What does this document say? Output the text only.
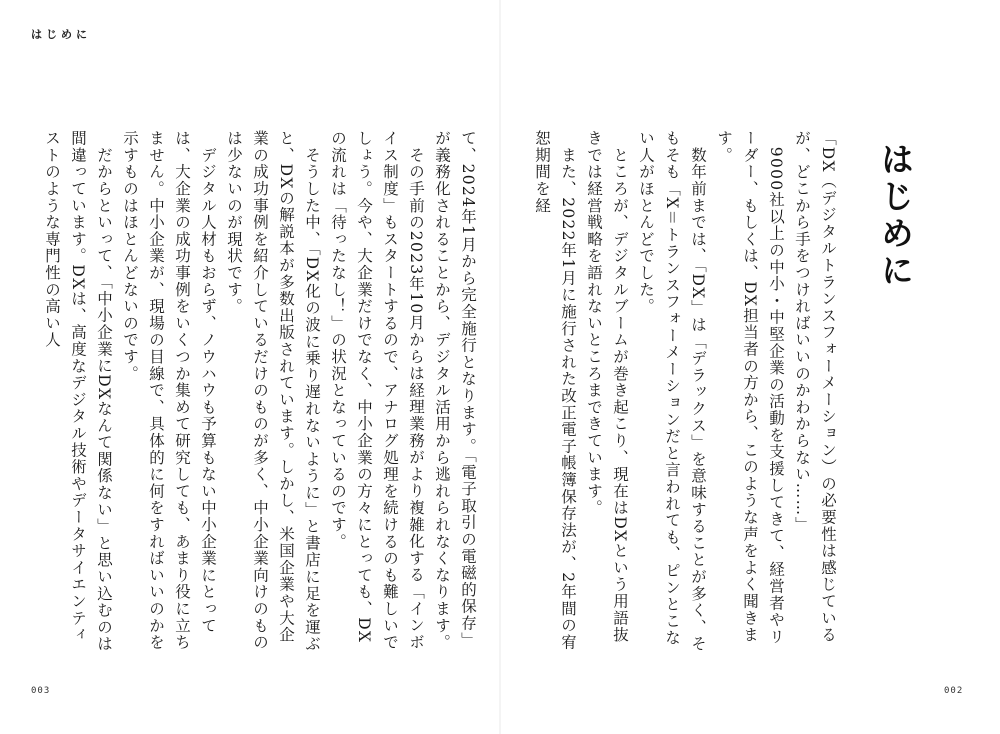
はじめに
はじめに

「DX（デジタルトランスフォーメーション）の必要性は感じているが、どこから手をつければいいのかわからない……」

　9000社以上の中小・中堅企業の活動を支援してきて、経営者やリーダー、もしくは、DX担当者の方から、このような声をよく聞きます。

　数年前までは、「DX」は「デラックス」を意味することが多く、そもそも「X＝トランスフォーメーションだと言われても、ピンとこない人がほとんどでした。

　ところが、デジタルブームが巻き起こり、現在はDXという用語抜きでは経営戦略を語れないところまできています。

　また、2022年1月に施行された改正電子帳簿保存法が、2年間の宥恕期間を経

て、2024年1月から完全施行となります。「電子取引の電磁的保存」が義務化されることから、デジタル活用から逃れられなくなります。

　その手前の2023年10月からは経理業務がより複雑化する「インボイス制度」もスタートするので、アナログ処理を続けるのも難しいでしょう。今や、大企業だけでなく、中小企業の方々にとっても、DXの流れは「待ったなし！」の状況となっているのです。

　そうした中、「DX化の波に乗り遅れないように」と書店に足を運ぶと、DXの解説本が多数出版されています。しかし、米国企業や大企業の成功事例を紹介しているだけのものが多く、中小企業向けのものは少ないのが現状です。

　デジタル人材もおらず、ノウハウも予算もない中小企業にとっては、大企業の成功事例をいくつか集めて研究しても、あまり役に立ちません。中小企業が、現場の目線で、具体的に何をすればいいのかを示すものはほとんどないのです。

　だからといって、「中小企業にDXなんて関係ない」と思い込むのは間違っています。DXは、高度なデジタル技術やデータサイエンティストのような専門性の高い人

003	002
